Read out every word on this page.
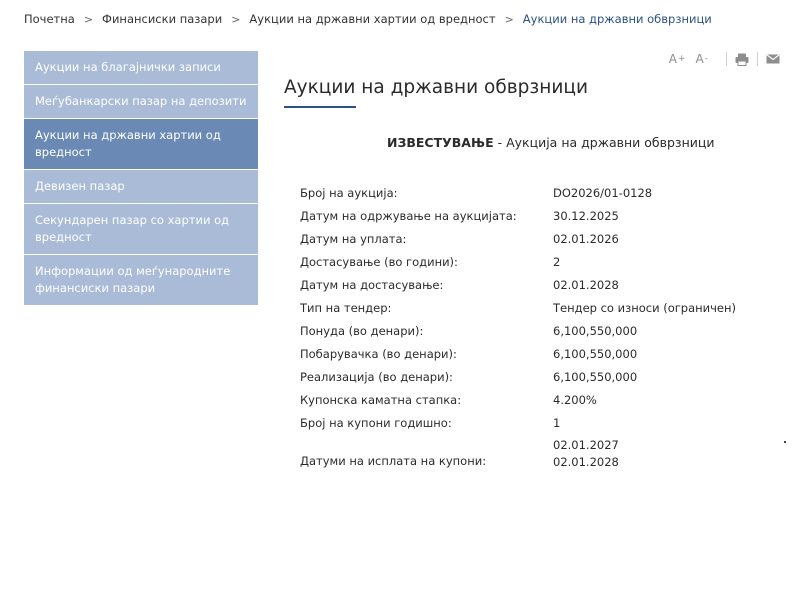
Почетна > Финансиски пазари > Аукции на државни хартии од вредност > Аукции на државни обврзници
Аукции на благајнички записи
Меѓубанкарски пазар на депозити
Аукции на државни хартии од вредност
Девизен пазар
Секундарен пазар со хартии од вредност
Информации од меѓународните финансиски пазари
A + A -
Аукции на државни обврзници
ИЗВЕСТУВАЊЕ - Аукција на државни обврзници
Број на аукција:	DO2026/01-0128
Датум на одржување на аукцијата:	30.12.2025
Датум на уплата:	02.01.2026
Достасување (во години):	2
Датум на достасување:	02.01.2028
Тип на тендер:	Тендер со износи (ограничен)
Понуда (во денари):	6,100,550,000
Побарувачка (во денари):	6,100,550,000
Реализација (во денари):	6,100,550,000
Купонска каматна стапка:	4.200%
Број на купони годишно:	1
Датуми на исплата на купони:
02.01.2027
02.01.2028
